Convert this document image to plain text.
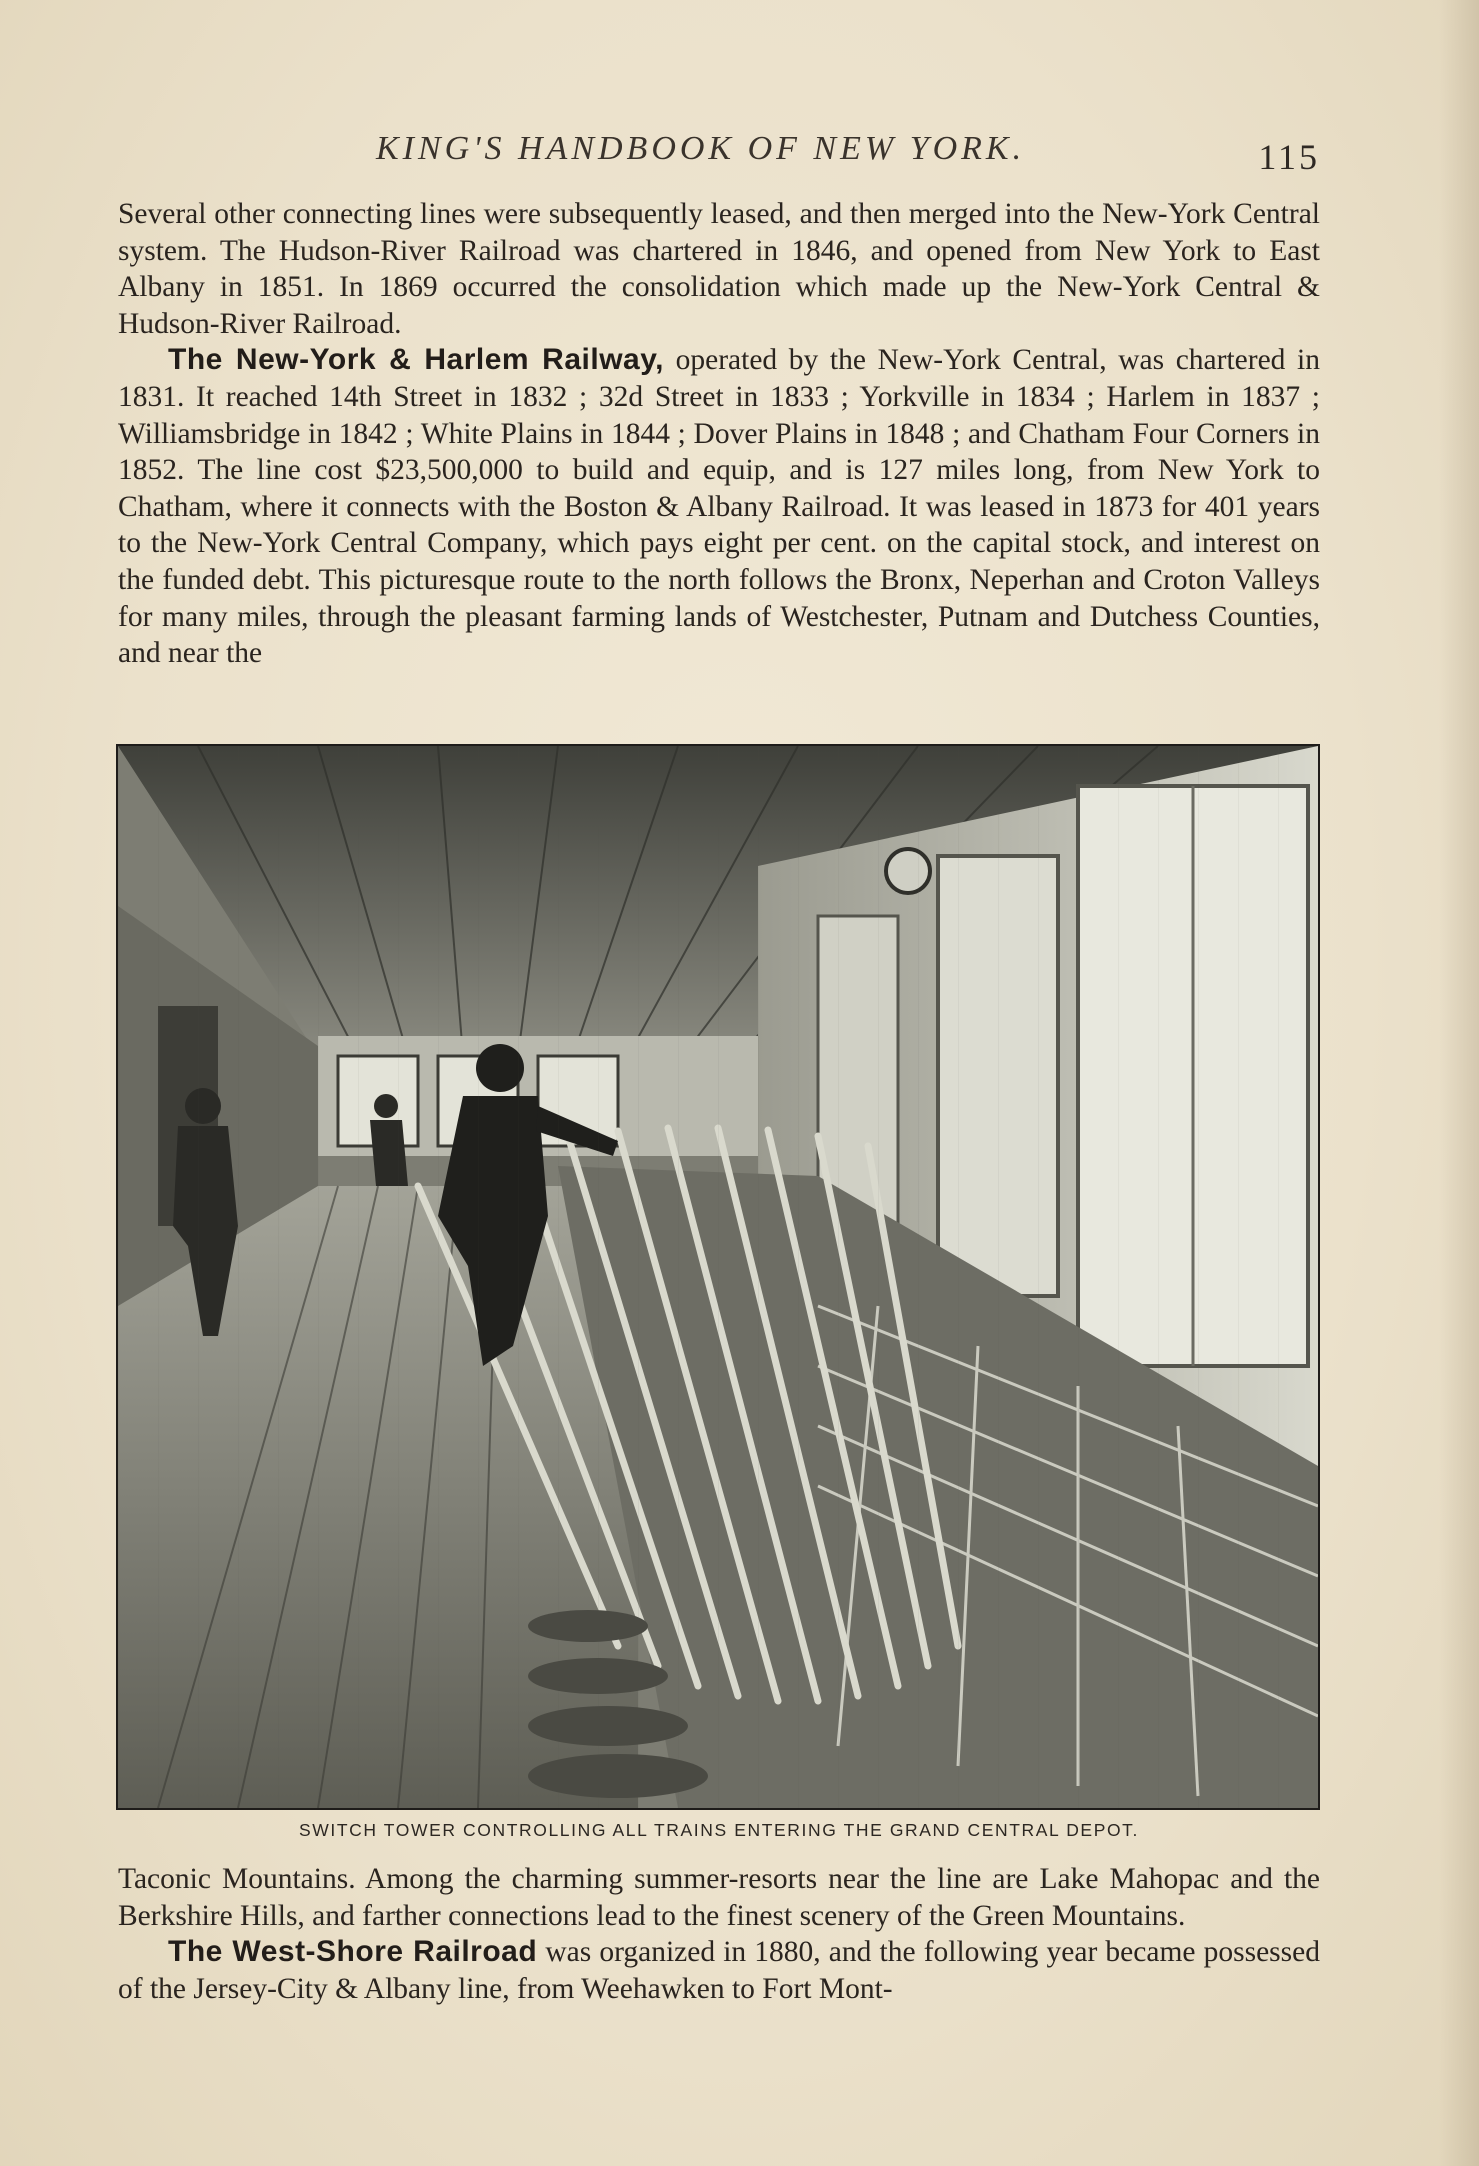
KING'S HANDBOOK OF NEW YORK.	115

Several other connecting lines were subsequently leased, and then merged into the New-York Central system. The Hudson-River Railroad was chartered in 1846, and opened from New York to East Albany in 1851. In 1869 occurred the consolidation which made up the New-York Central & Hudson-River Railroad.

The New-York & Harlem Railway, operated by the New-York Central, was chartered in 1831. It reached 14th Street in 1832 ; 32d Street in 1833 ; Yorkville in 1834 ; Harlem in 1837 ; Williamsbridge in 1842 ; White Plains in 1844 ; Dover Plains in 1848 ; and Chatham Four Corners in 1852. The line cost $23,500,000 to build and equip, and is 127 miles long, from New York to Chatham, where it connects with the Boston & Albany Railroad. It was leased in 1873 for 401 years to the New-York Central Company, which pays eight per cent. on the capital stock, and interest on the funded debt. This picturesque route to the north follows the Bronx, Neperhan and Croton Valleys for many miles, through the pleasant farming lands of Westchester, Putnam and Dutchess Counties, and near the

SWITCH TOWER CONTROLLING ALL TRAINS ENTERING THE GRAND CENTRAL DEPOT.

Taconic Mountains. Among the charming summer-resorts near the line are Lake Mahopac and the Berkshire Hills, and farther connections lead to the finest scenery of the Green Mountains.

The West-Shore Railroad was organized in 1880, and the following year became possessed of the Jersey-City & Albany line, from Weehawken to Fort Mont-
